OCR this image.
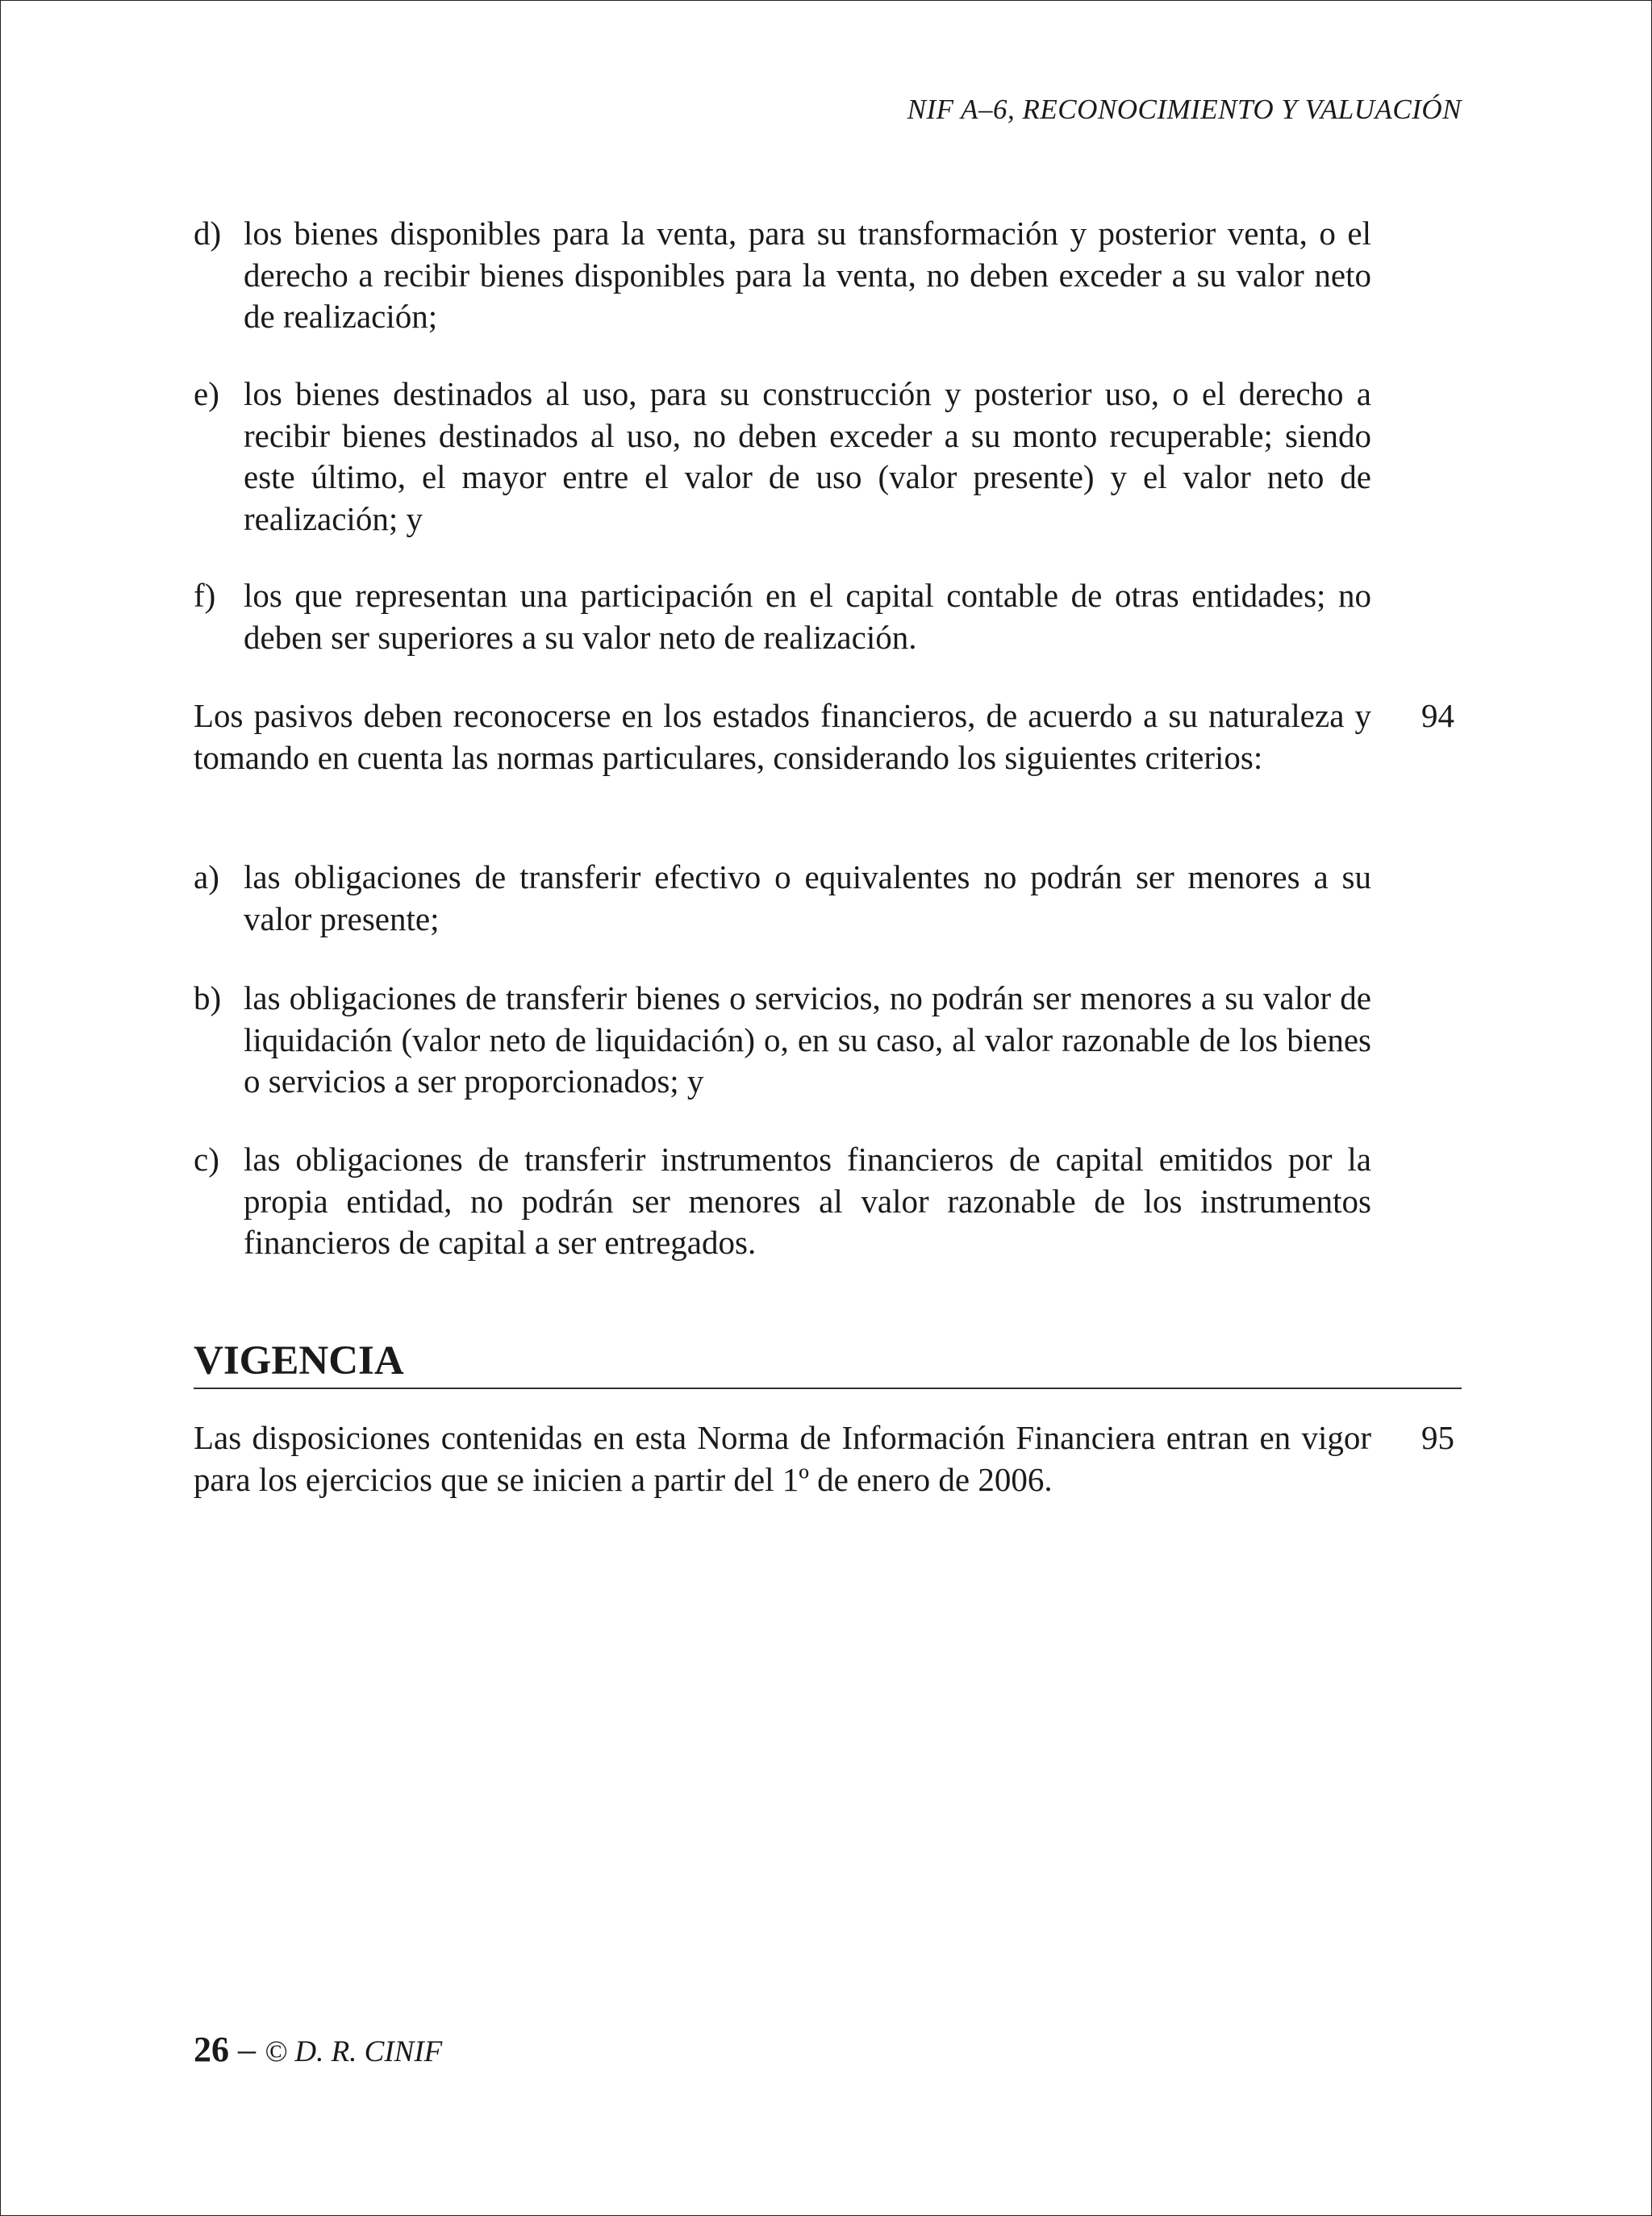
NIF A–6, RECONOCIMIENTO Y VALUACIÓN
d) los bienes disponibles para la venta, para su transformación y posterior venta, o el derecho a recibir bienes disponibles para la venta, no deben exceder a su valor neto de realización;
e) los bienes destinados al uso, para su construcción y posterior uso, o el derecho a recibir bienes destinados al uso, no deben exceder a su monto recuperable; siendo este último, el mayor entre el valor de uso (valor presente) y el valor neto de realización; y
f) los que representan una participación en el capital contable de otras entidades; no deben ser superiores a su valor neto de realización.
Los pasivos deben reconocerse en los estados financieros, de acuerdo a su naturaleza y tomando en cuenta las normas particulares, considerando los siguientes criterios:
94
a) las obligaciones de transferir efectivo o equivalentes no podrán ser menores a su valor presente;
b) las obligaciones de transferir bienes o servicios, no podrán ser menores a su valor de liquidación (valor neto de liquidación) o, en su caso, al valor razonable de los bienes o servicios a ser proporcionados; y
c) las obligaciones de transferir instrumentos financieros de capital emitidos por la propia entidad, no podrán ser menores al valor razonable de los instrumentos financieros de capital a ser entregados.
VIGENCIA
Las disposiciones contenidas en esta Norma de Información Financiera entran en vigor para los ejercicios que se inicien a partir del 1º de enero de 2006.
95
26 – © D. R. CINIF
